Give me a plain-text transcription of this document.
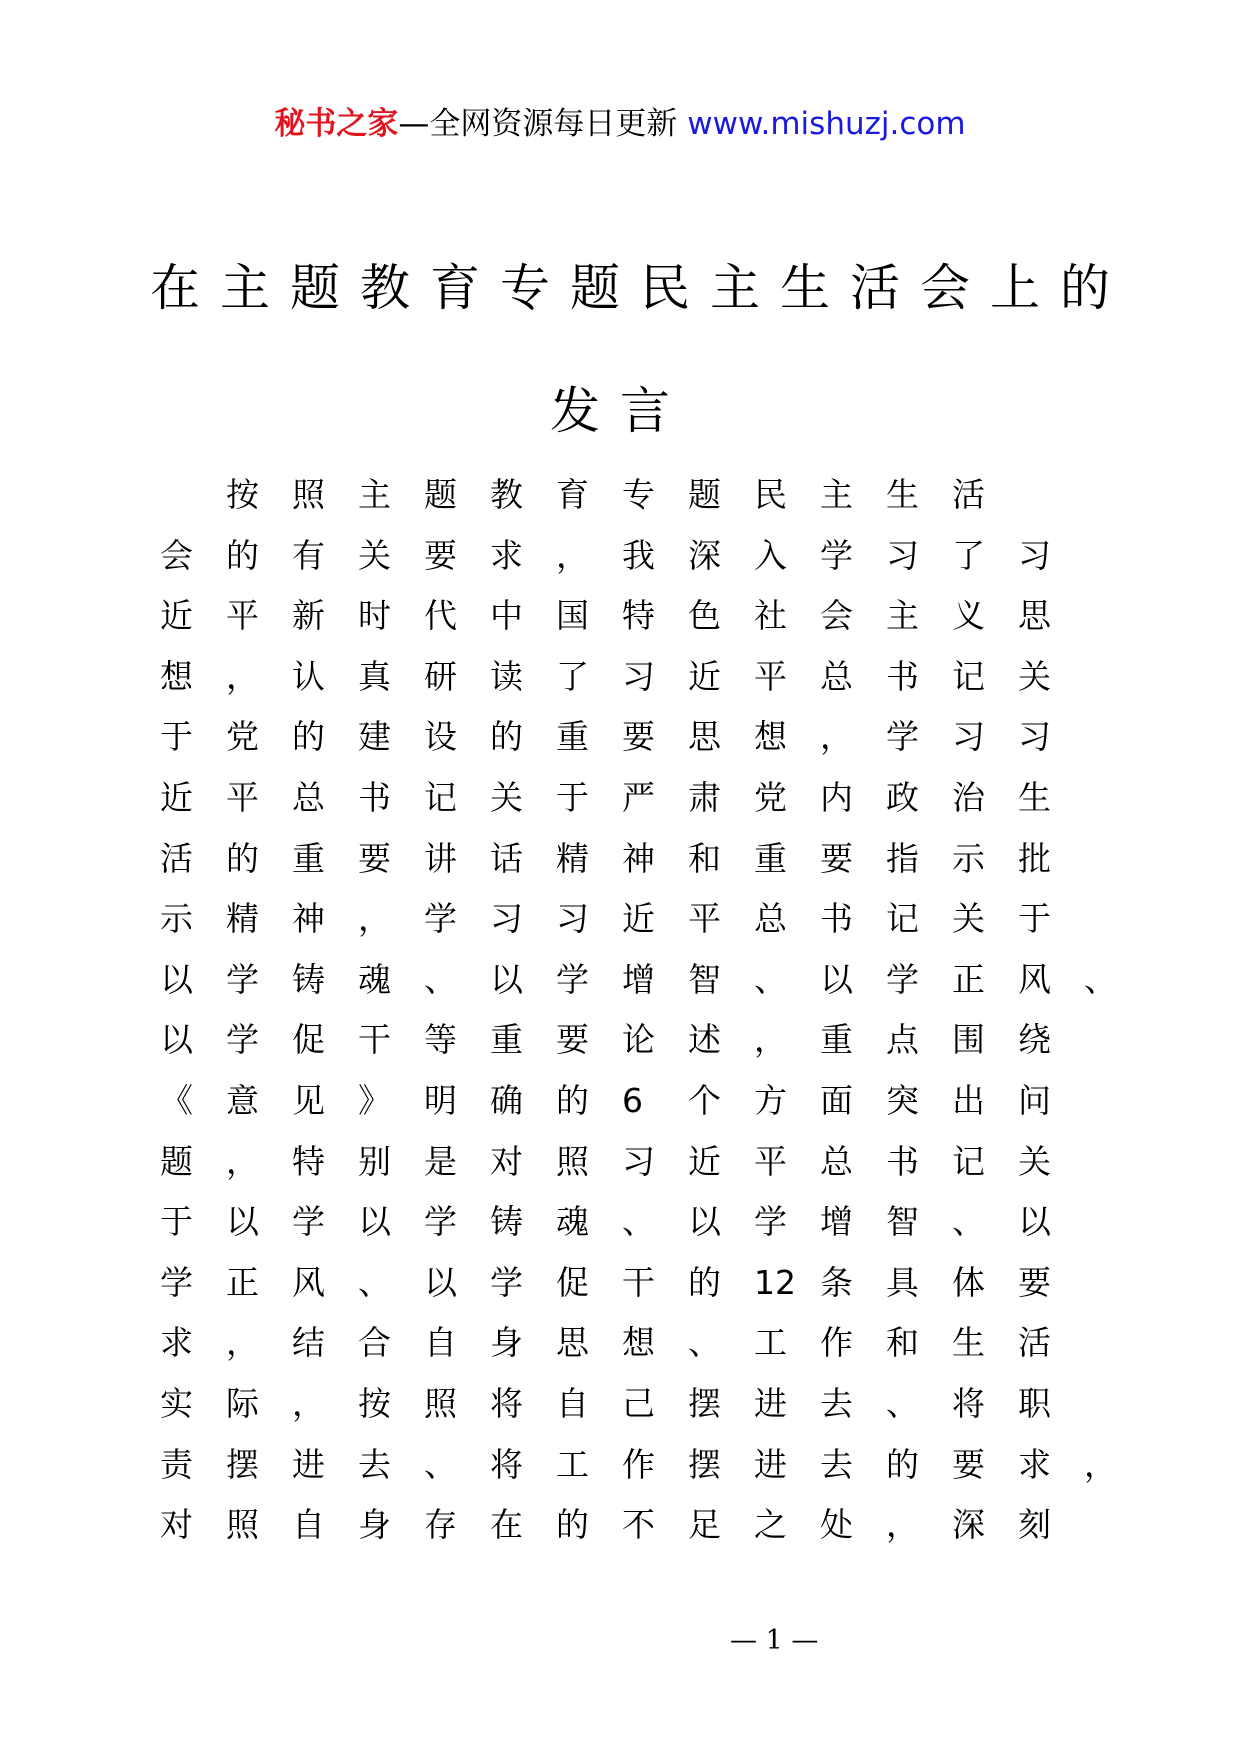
秘书之家—全网资源每日更新 www.mishuzj.com
在主题教育专题民主生活会上的
发言
按 照 主 题 教 育 专 题 民 主 生 活
会 的 有 关 要 求 ， 我 深 入 学 习 了 习
近 平 新 时 代 中 国 特 色 社 会 主 义 思
想 ， 认 真 研 读 了 习 近 平 总 书 记 关
于 党 的 建 设 的 重 要 思 想 ， 学 习 习
近 平 总 书 记 关 于 严 肃 党 内 政 治 生
活 的 重 要 讲 话 精 神 和 重 要 指 示 批
示 精 神 ， 学 习 习 近 平 总 书 记 关 于
以 学 铸 魂 、 以 学 增 智 、 以 学 正 风 、
以 学 促 干 等 重 要 论 述 ， 重 点 围 绕
《 意 见 》 明 确 的 6 个 方 面 突 出 问
题 ， 特 别 是 对 照 习 近 平 总 书 记 关
于 以 学 以 学 铸 魂 、 以 学 增 智 、 以
学 正 风 、 以 学 促 干 的 12 条 具 体 要
求 ， 结 合 自 身 思 想 、 工 作 和 生 活
实 际 ， 按 照 将 自 己 摆 进 去 、 将 职
责 摆 进 去 、 将 工 作 摆 进 去 的 要 求 ，
对 照 自 身 存 在 的 不 足 之 处 ， 深 刻
— 1 —
